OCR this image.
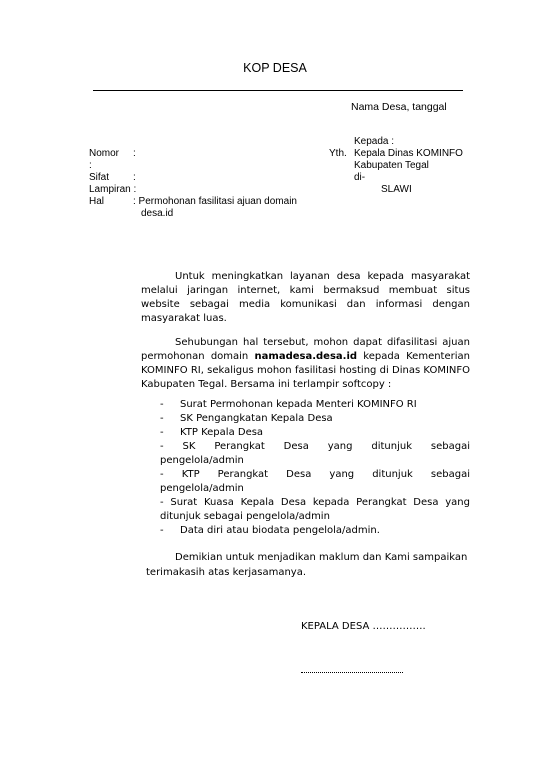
KOP DESA
Nama Desa, tanggal
Kepada :
Yth. Kepala Dinas KOMINFO
Kabupaten Tegal
di-
SLAWI
Nomor :
:
Sifat :
Lampiran :
Hal	: Permohonan fasilitasi ajuan domain
desa.id
Untuk meningkatkan layanan desa kepada masyarakat melalui jaringan internet, kami bermaksud membuat situs website sebagai media komunikasi dan informasi dengan masyarakat luas.
Sehubungan hal tersebut, mohon dapat difasilitasi ajuan permohonan domain namadesa.desa.id kepada Kementerian KOMINFO RI, sekaligus mohon fasilitasi hosting di Dinas KOMINFO Kabupaten Tegal. Bersama ini terlampir softcopy :
- Surat Permohonan kepada Menteri KOMINFO RI
- SK Pengangkatan Kepala Desa
- KTP Kepala Desa
- SK Perangkat Desa yang ditunjuk sebagai
pengelola/admin
- KTP Perangkat Desa yang ditunjuk sebagai
pengelola/admin
- Surat Kuasa Kepala Desa kepada Perangkat Desa yang
ditunjuk sebagai pengelola/admin
- Data diri atau biodata pengelola/admin.
Demikian untuk menjadikan maklum dan Kami sampaikan
terimakasih atas kerjasamanya.
KEPALA DESA …………….
